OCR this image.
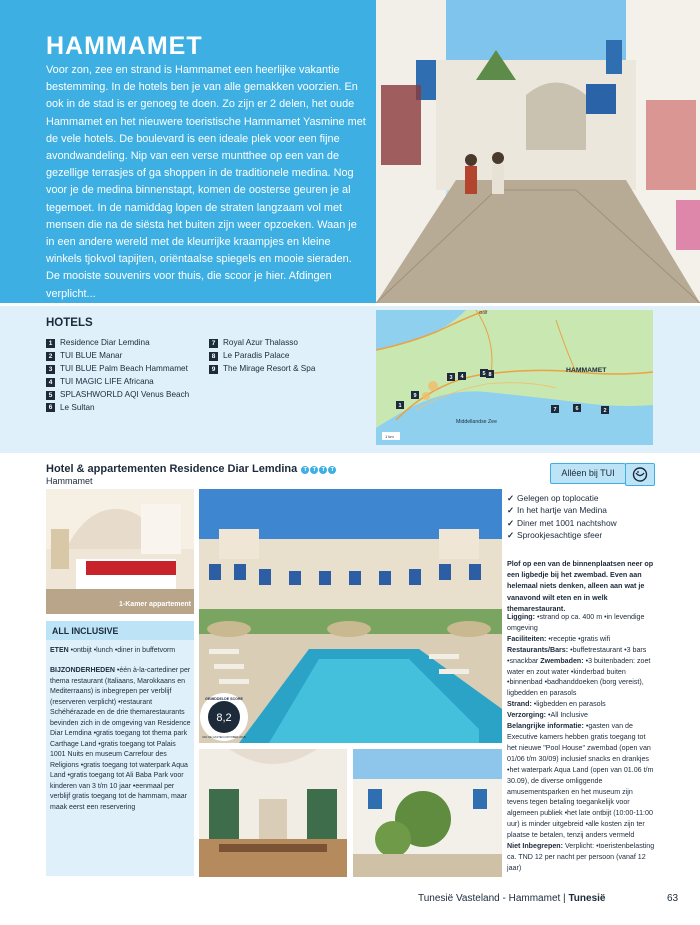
HAMMAMET
Voor zon, zee en strand is Hammamet een heerlijke vakantie bestemming. In de hotels ben je van alle gemakken voorzien. En ook in de stad is er genoeg te doen. Zo zijn er 2 delen, het oude Hammamet en het nieuwere toeristische Hammamet Yasmine met de vele hotels. De boulevard is een ideale plek voor een fijne avondwandeling. Nip van een verse muntthee op een van de gezellige terrasjes of ga shoppen in de traditionele medina. Nog voor je de medina binnenstapt, komen de oosterse geuren je al tegemoet. In de namiddag lopen de straten langzaam vol met mensen die na de siësta het buiten zijn weer opzoeken. Waan je in een andere wereld met de kleurrijke kraampjes en kleine winkels tjokvol tapijten, oriëntaalse spiegels en mooie sieraden. De mooiste souvenirs voor thuis, die scoor je hier. Afdingen verplicht...
HOTELS
1 Residence Diar Lemdina
2 TUI BLUE Manar
3 TUI BLUE Palm Beach Hammamet
4 TUI MAGIC LIFE Africana
5 SPLASHWORLD AQI Venus Beach
6 Le Sultan
7 Royal Azur Thalasso
8 Le Paradis Palace
9 The Mirage Resort & Spa
3 4	5 8
9
1
7	6	2
Golf
HAMMAMET
Middellandse Zee
1 km
Hotel & appartementen Residence Diar Lemdina T T T T
Hammamet
Alléen bij TUI
1-Kamer appartement
8,2
GEMIDDELDE SCORE
VAN DE GASTEN (OKTOBER 2018)
ALL INCLUSIVE
ETEN •ontbijt •lunch •diner in buffetvorm
BIJZONDERHEDEN •één à-la-cartediner per thema restaurant (Italiaans, Marokkaans en Mediterraans) is inbegrepen per verblijf (reserveren verplicht) •restaurant Schéhérazade en de drie themarestaurants bevinden zich in de omgeving van Residence Diar Lemdina •gratis toegang tot thema park Carthage Land •gratis toegang tot Palais 1001 Nuits en museum Carrefour des Religions •gratis toegang tot waterpark Aqua Land •gratis toegang tot Ali Baba Park voor kinderen van 3 t/m 10 jaar •eenmaal per verblijf gratis toegang tot de hammam, maar maak eerst een reservering
✓ Gelegen op toplocatie
✓ In het hartje van Medina
✓ Diner met 1001 nachtshow
✓ Sprookjesachtige sfeer
Plof op een van de binnenplaatsen neer op een ligbedje bij het zwembad. Even aan helemaal niets denken, alleen aan wat je vanavond wilt eten en in welk themarestaurant.
Ligging: •strand op ca. 400 m •in levendige omgeving
Faciliteiten: •receptie •gratis wifi
Restaurants/Bars: •buffetrestaurant •3 bars •snackbar Zwembaden: •3 buitenbaden: zoet water en zout water •kinderbad buiten •binnenbad •badhanddoeken (borg vereist), ligbedden en parasols
Strand: •ligbedden en parasols
Verzorging: •All Inclusive
Belangrijke informatie: •gasten van de Executive kamers hebben gratis toegang tot het nieuwe "Pool House" zwembad (open van 01/06 t/m 30/09) inclusief snacks en drankjes •het waterpark Aqua Land (open van 01.06 t/m 30.09), de diverse omliggende amusementsparken en het museum zijn tevens tegen betaling toegankelijk voor algemeen publiek •het late ontbijt (10:00-11:00 uur) is minder uitgebreid •alle kosten zijn ter plaatse te betalen, tenzij anders vermeld
Niet Inbegrepen: Verplicht: •toeristenbelasting ca. TND 12 per nacht per persoon (vanaf 12 jaar)
Tunesië Vasteland - Hammamet | Tunesië	63
